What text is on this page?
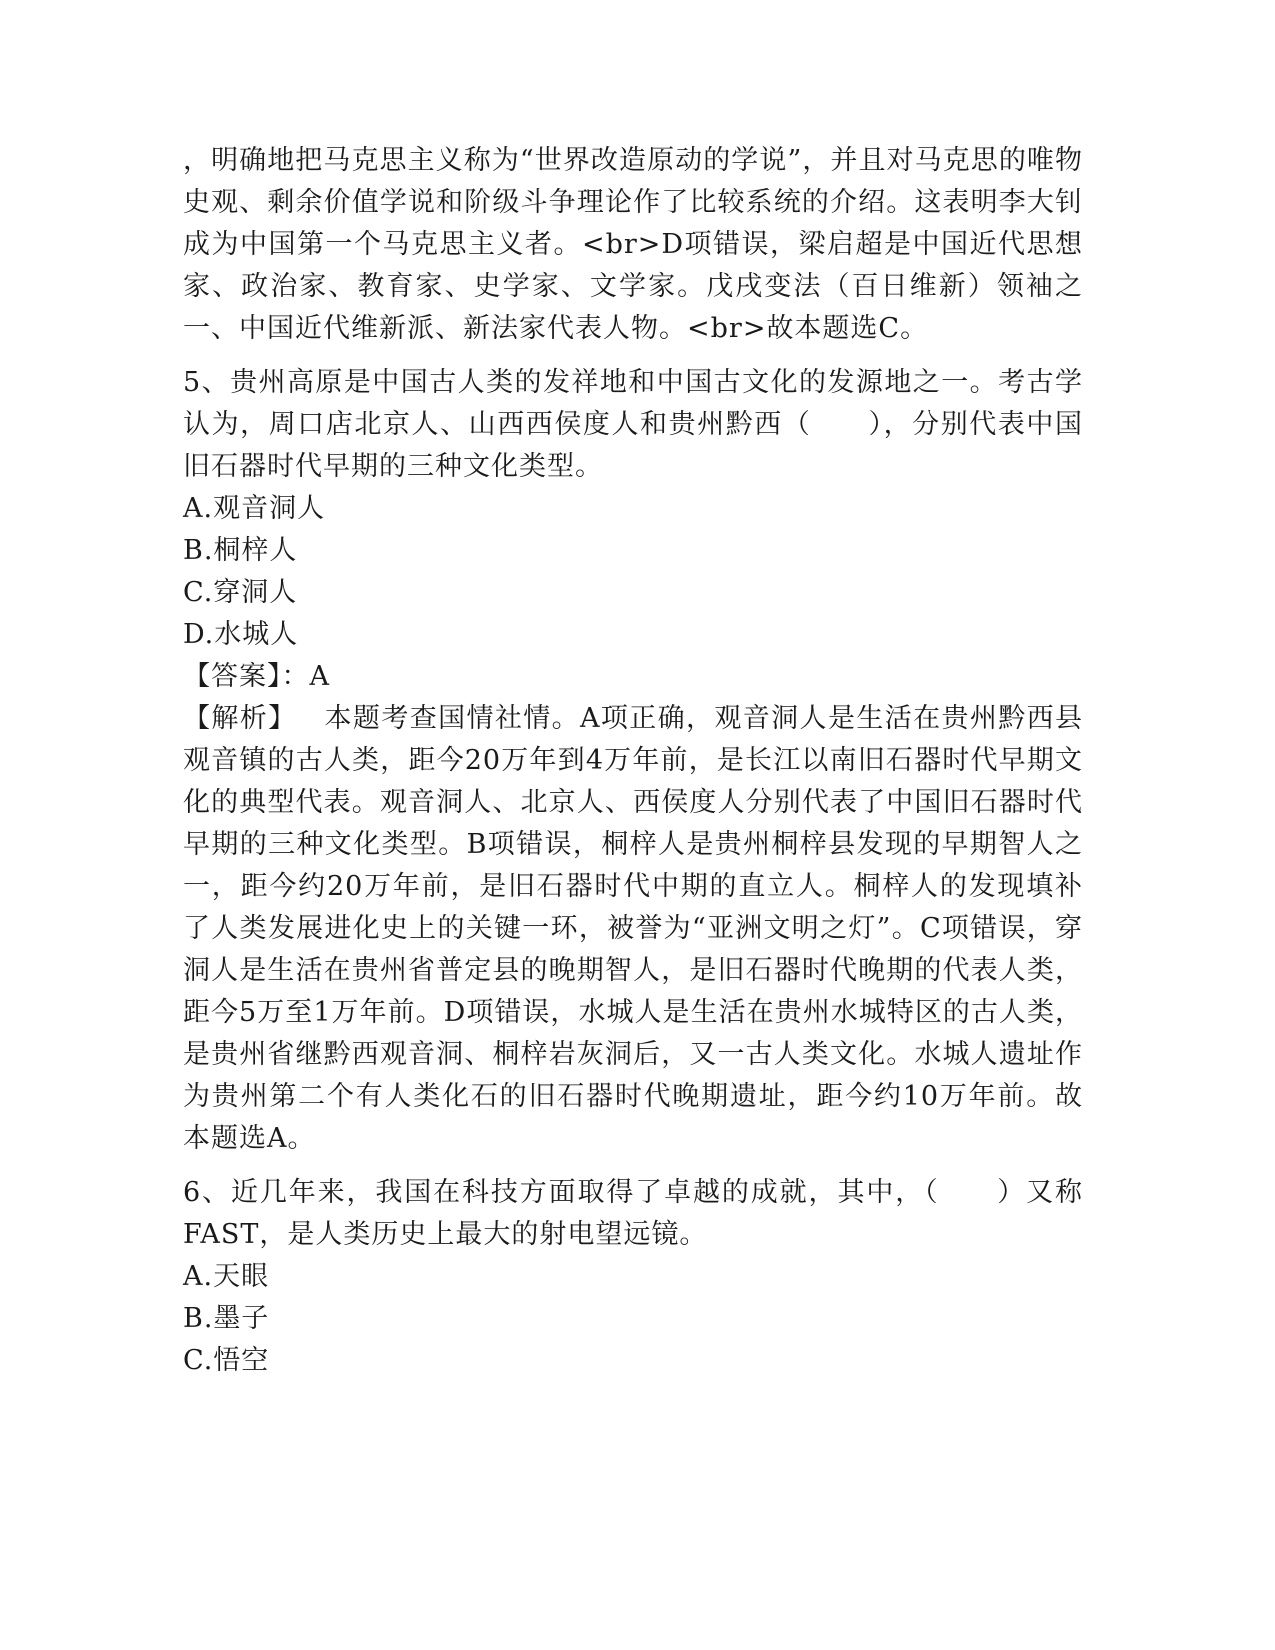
，明确地把马克思主义称为“世界改造原动的学说”，并且对马克思的唯物史观、剩余价值学说和阶级斗争理论作了比较系统的介绍。这表明李大钊成为中国第一个马克思主义者。<br>D项错误，梁启超是中国近代思想家、政治家、教育家、史学家、文学家。戊戌变法（百日维新）领袖之一、中国近代维新派、新法家代表人物。<br>故本题选C。

5、贵州高原是中国古人类的发祥地和中国古文化的发源地之一。考古学认为，周口店北京人、山西西侯度人和贵州黔西（　　），分别代表中国旧石器时代早期的三种文化类型。

A.观音洞人

B.桐梓人

C.穿洞人

D.水城人

【答案】：A

【解析】 本题考查国情社情。A项正确，观音洞人是生活在贵州黔西县观音镇的古人类，距今20万年到4万年前，是长江以南旧石器时代早期文化的典型代表。观音洞人、北京人、西侯度人分别代表了中国旧石器时代早期的三种文化类型。B项错误，桐梓人是贵州桐梓县发现的早期智人之一，距今约20万年前，是旧石器时代中期的直立人。桐梓人的发现填补了人类发展进化史上的关键一环，被誉为“亚洲文明之灯”。C项错误，穿洞人是生活在贵州省普定县的晚期智人，是旧石器时代晚期的代表人类，距今5万至1万年前。D项错误，水城人是生活在贵州水城特区的古人类，是贵州省继黔西观音洞、桐梓岩灰洞后，又一古人类文化。水城人遗址作为贵州第二个有人类化石的旧石器时代晚期遗址，距今约10万年前。故本题选A。

6、近几年来，我国在科技方面取得了卓越的成就，其中，（　　）又称FAST，是人类历史上最大的射电望远镜。

A.天眼

B.墨子

C.悟空
